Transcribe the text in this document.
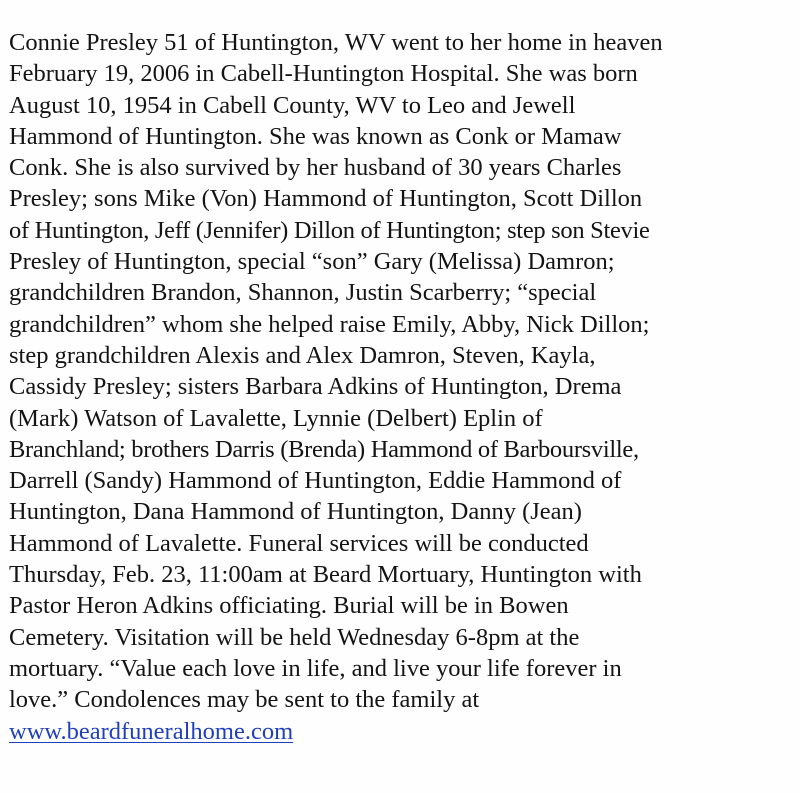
Connie Presley 51 of Huntington, WV went to her home in heaven
February 19, 2006 in Cabell-Huntington Hospital. She was born
August 10, 1954 in Cabell County, WV to Leo and Jewell
Hammond of Huntington. She was known as Conk or Mamaw
Conk. She is also survived by her husband of 30 years Charles
Presley; sons Mike (Von) Hammond of Huntington, Scott Dillon
of Huntington, Jeff (Jennifer) Dillon of Huntington; step son Stevie
Presley of Huntington, special “son” Gary (Melissa) Damron;
grandchildren Brandon, Shannon, Justin Scarberry; “special
grandchildren” whom she helped raise Emily, Abby, Nick Dillon;
step grandchildren Alexis and Alex Damron, Steven, Kayla,
Cassidy Presley; sisters Barbara Adkins of Huntington, Drema
(Mark) Watson of Lavalette, Lynnie (Delbert) Eplin of
Branchland; brothers Darris (Brenda) Hammond of Barboursville,
Darrell (Sandy) Hammond of Huntington, Eddie Hammond of
Huntington, Dana Hammond of Huntington, Danny (Jean)
Hammond of Lavalette. Funeral services will be conducted
Thursday, Feb. 23, 11:00am at Beard Mortuary, Huntington with
Pastor Heron Adkins officiating. Burial will be in Bowen
Cemetery. Visitation will be held Wednesday 6-8pm at the
mortuary. “Value each love in life, and live your life forever in
love.” Condolences may be sent to the family at
www.beardfuneralhome.com
